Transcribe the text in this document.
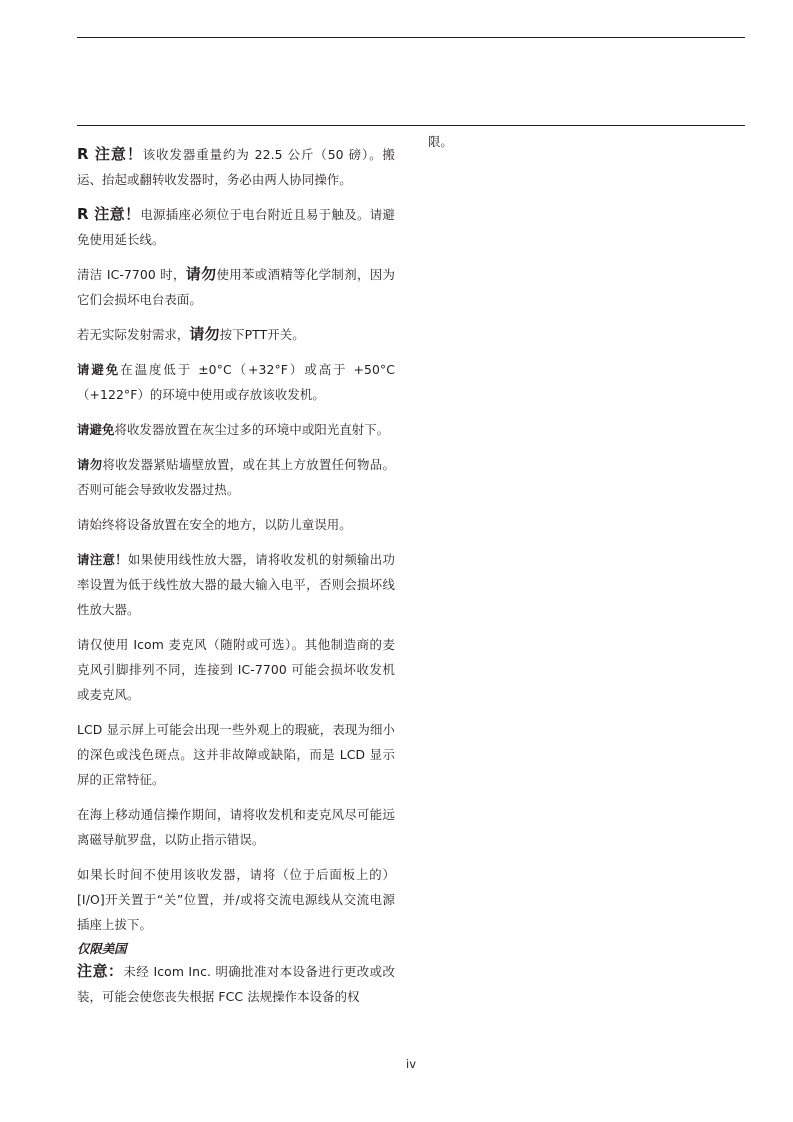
R 注意！该收发器重量约为 22.5 公斤（50 磅）。搬运、抬起或翻转收发器时，务必由两人协同操作。

R 注意！电源插座必须位于电台附近且易于触及。请避免使用延长线。

清洁 IC-7700 时，请勿使用苯或酒精等化学制剂，因为它们会损坏电台表面。

若无实际发射需求，请勿按下PTT开关。

请避免在温度低于 ±0°C（+32°F）或高于 +50°C（+122°F）的环境中使用或存放该收发机。

请避免将收发器放置在灰尘过多的环境中或阳光直射下。

请勿将收发器紧贴墙壁放置，或在其上方放置任何物品。否则可能会导致收发器过热。

请始终将设备放置在安全的地方，以防儿童误用。

请注意！如果使用线性放大器，请将收发机的射频输出功率设置为低于线性放大器的最大输入电平，否则会损坏线性放大器。

请仅使用 Icom 麦克风（随附或可选）。其他制造商的麦克风引脚排列不同，连接到 IC-7700 可能会损坏收发机或麦克风。

LCD 显示屏上可能会出现一些外观上的瑕疵，表现为细小的深色或浅色斑点。这并非故障或缺陷，而是 LCD 显示屏的正常特征。

在海上移动通信操作期间，请将收发机和麦克风尽可能远离磁导航罗盘，以防止指示错误。

如果长时间不使用该收发器，请将（位于后面板上的）[I/O]开关置于“关”位置，并/或将交流电源线从交流电源插座上拔下。

仅限美国

注意：未经 Icom Inc. 明确批准对本设备进行更改或改装，可能会使您丧失根据 FCC 法规操作本设备的权

限。
iv
